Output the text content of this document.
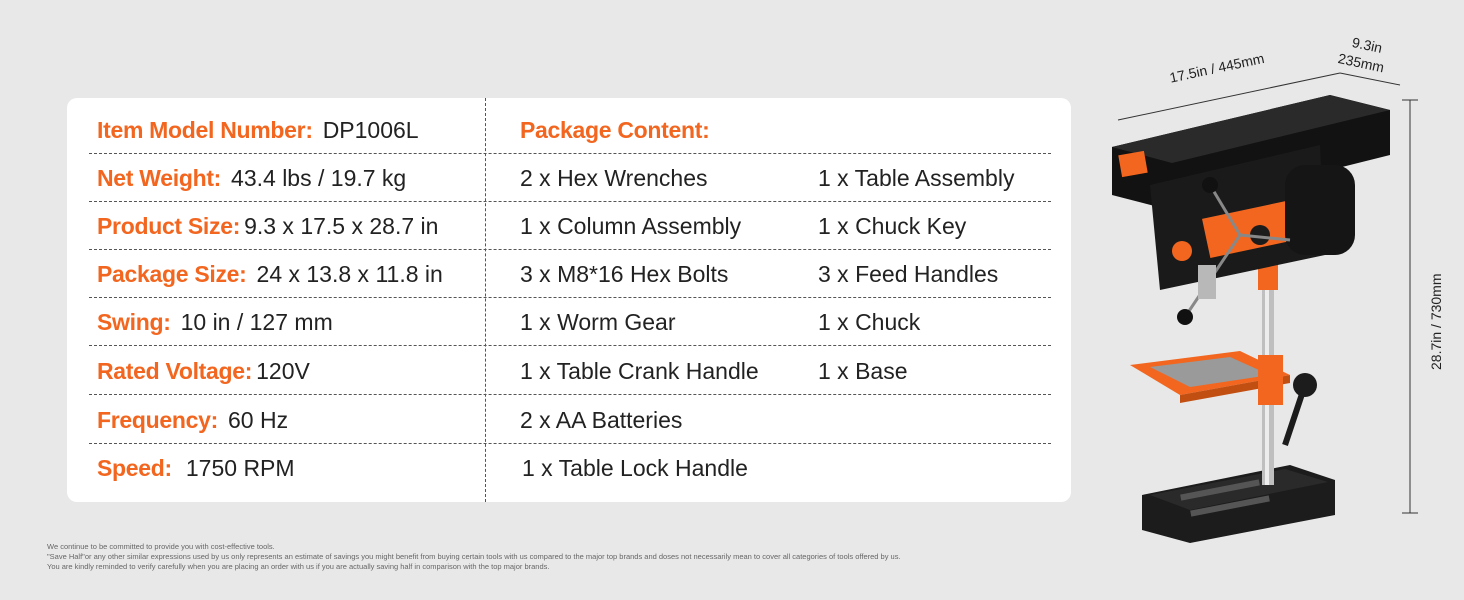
Item Model Number: DP1006L	Package Content:
Net Weight: 43.4 lbs / 19.7 kg	2 x Hex Wrenches	1 x Table Assembly
Product Size: 9.3 x 17.5 x 28.7 in	1 x Column Assembly	1 x Chuck Key
Package Size: 24 x 13.8 x 11.8 in	3 x M8*16 Hex Bolts	3 x Feed Handles
Swing: 10 in / 127 mm	1 x Worm Gear	1 x Chuck
Rated Voltage: 120V	1 x Table Crank Handle	1 x Base
Frequency: 60 Hz	2 x AA Batteries
Speed: 1750 RPM	1 x Table Lock Handle
We continue to be committed to provide you with cost-effective tools.
"Save Half"or any other similar expressions used by us only represents an estimate of savings you might benefit from buying certain tools with us compared to the major top brands and doses not necessarily mean to cover all categories of tools offered by us.
You are kindly reminded to verify carefully when you are placing an order with us if you are actually saving half in comparison with the top major brands.
17.5in / 445mm
9.3in
235mm
28.7in / 730mm
